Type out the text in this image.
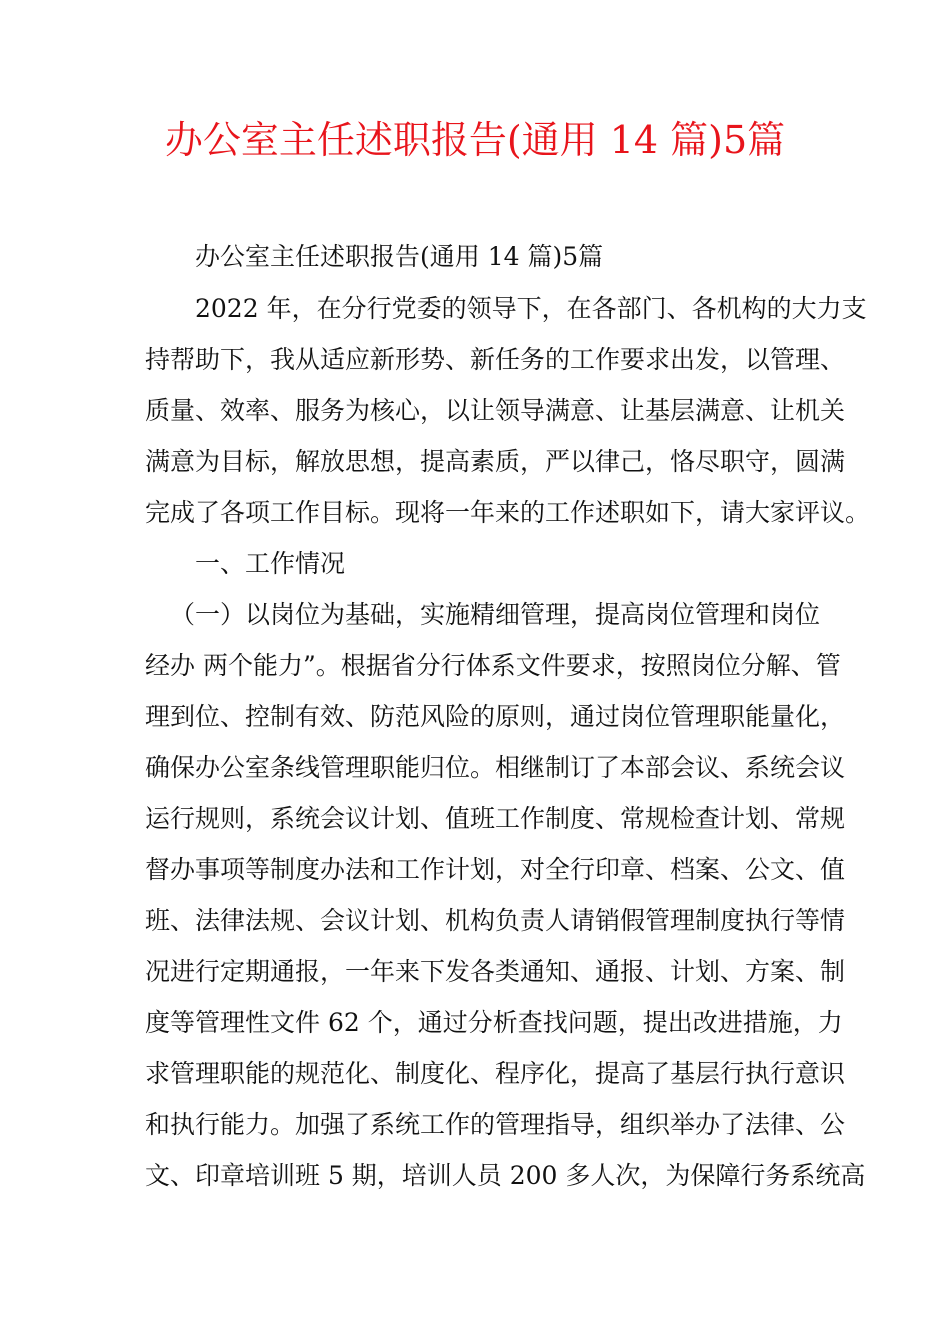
办公室主任述职报告(通用 14 篇)5篇
办公室主任述职报告(通用 14 篇)5篇
2022 年，在分行党委的领导下，在各部门、各机构的大力支
持帮助下，我从适应新形势、新任务的工作要求出发，以管理、
质量、效率、服务为核心，以让领导满意、让基层满意、让机关
满意为目标，解放思想，提高素质，严以律己，恪尽职守，圆满
完成了各项工作目标。现将一年来的工作述职如下，请大家评议。
一、工作情况
（一）以岗位为基础，实施精细管理，提高岗位管理和岗位
经办 两个能力”。根据省分行体系文件要求，按照岗位分解、管
理到位、控制有效、防范风险的原则，通过岗位管理职能量化，
确保办公室条线管理职能归位。相继制订了本部会议、系统会议
运行规则，系统会议计划、值班工作制度、常规检查计划、常规
督办事项等制度办法和工作计划，对全行印章、档案、公文、值
班、法律法规、会议计划、机构负责人请销假管理制度执行等情
况进行定期通报，一年来下发各类通知、通报、计划、方案、制
度等管理性文件 62 个，通过分析查找问题，提出改进措施，力
求管理职能的规范化、制度化、程序化，提高了基层行执行意识
和执行能力。加强了系统工作的管理指导，组织举办了法律、公
文、印章培训班 5 期，培训人员 200 多人次，为保障行务系统高
